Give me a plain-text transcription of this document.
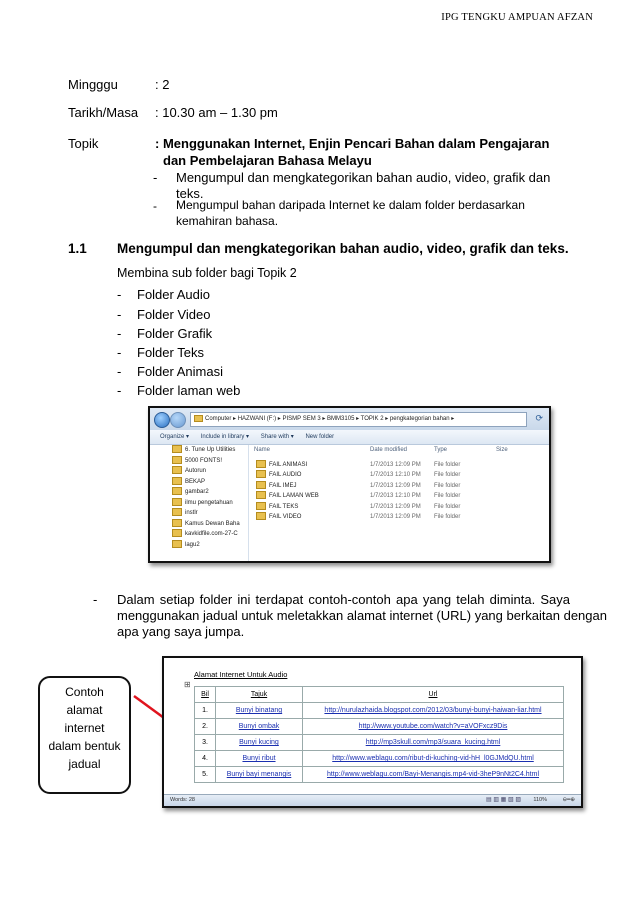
IPG TENGKU AMPUAN AFZAN
Mingggu	: 2
Tarikh/Masa : 10.30 am – 1.30 pm
Topik	: Menggunakan Internet, Enjin Pencari Bahan dalam Pengajaran
dan Pembelajaran Bahasa Melayu
- Mengumpul dan mengkategorikan bahan audio, video, grafik dan
teks.
- Mengumpul bahan daripada Internet ke dalam folder berdasarkan
kemahiran bahasa.
1.1 Mengumpul dan mengkategorikan bahan audio, video, grafik dan teks.
Membina sub folder bagi Topik 2
- Folder Audio
- Folder Video
- Folder Grafik
- Folder Teks
- Folder Animasi
- Folder laman web
Computer ▸ HAZWANI (F:) ▸ PISMP SEM 3 ▸ BMM3105 ▸ TOPIK 2 ▸ pengkategorian bahan ▸	⟳
Organize ▾ Include in library ▾ Share with ▾ New folder
6. Tune Up Utilities
5000 FONTS!
Autorun
BEKAP
gambar2
ilmu pengetahuan
instlr
Kamus Dewan Baha
kavkidfile.com-27-C
lagu2
Name	Date modified	Type	Size
FAIL ANIMASI	1/7/2013 12:09 PM File folder
FAIL AUDIO	1/7/2013 12:10 PM File folder
FAIL IMEJ	1/7/2013 12:09 PM File folder
FAIL LAMAN WEB	1/7/2013 12:10 PM File folder
FAIL TEKS	1/7/2013 12:09 PM File folder
FAIL VIDEO	1/7/2013 12:09 PM File folder
- Dalam setiap folder ini terdapat contoh-contoh apa yang telah diminta. Saya
menggunakan jadual untuk meletakkan alamat internet (URL) yang berkaitan dengan
apa yang saya jumpa.
Contoh
alamat
internet
dalam bentuk
jadual
Alamat Internet Untuk Audio
⊞
Bil	Tajuk	Url
1.	Bunyi binatang	http://nurulazhaida.blogspot.com/2012/03/bunyi-bunyi-haiwan-liar.html
2.	Bunyi ombak	http://www.youtube.com/watch?v=aVOFxcz9Dis
3.	Bunyi kucing	http://mp3skull.com/mp3/suara_kucing.html
4.	Bunyi ribut	http://www.weblagu.com/ribut-di-kuching-vid-hH_l0GJMdQU.html
5.	Bunyi bayi menangis	http://www.weblagu.com/Bayi-Menangis.mp4-vid-3heP9nNt2C4.html
Words: 28	▤ ▥ ▦ ▧ ▨ 110%	⊖━⊕
